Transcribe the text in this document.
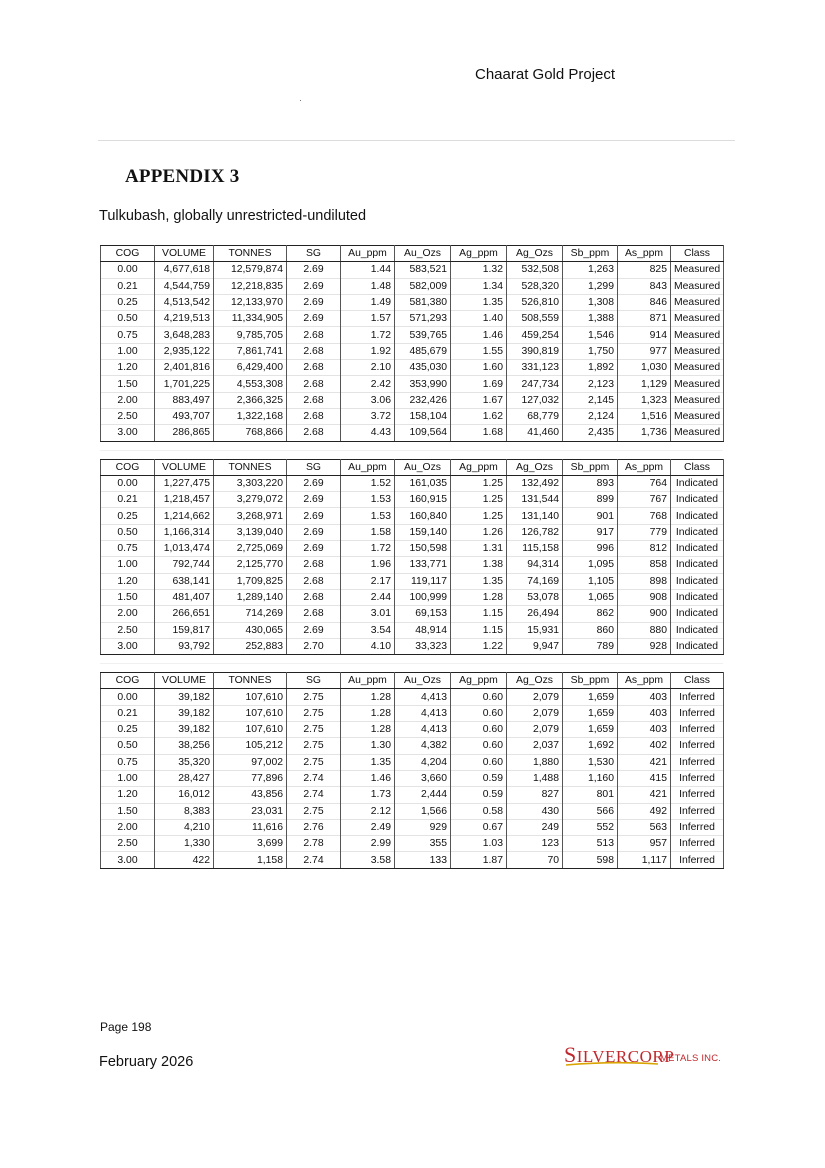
Chaarat Gold Project
APPENDIX 3
Tulkubash, globally unrestricted-undiluted
COG	VOLUME	TONNES	SG	Au_ppm	Au_Ozs	Ag_ppm	Ag_Ozs	Sb_ppm	As_ppm	Class
0.00	4,677,618	12,579,874	2.69	1.44	583,521	1.32	532,508	1,263	825	Measured
0.21	4,544,759	12,218,835	2.69	1.48	582,009	1.34	528,320	1,299	843	Measured
0.25	4,513,542	12,133,970	2.69	1.49	581,380	1.35	526,810	1,308	846	Measured
0.50	4,219,513	11,334,905	2.69	1.57	571,293	1.40	508,559	1,388	871	Measured
0.75	3,648,283	9,785,705	2.68	1.72	539,765	1.46	459,254	1,546	914	Measured
1.00	2,935,122	7,861,741	2.68	1.92	485,679	1.55	390,819	1,750	977	Measured
1.20	2,401,816	6,429,400	2.68	2.10	435,030	1.60	331,123	1,892	1,030	Measured
1.50	1,701,225	4,553,308	2.68	2.42	353,990	1.69	247,734	2,123	1,129	Measured
2.00	883,497	2,366,325	2.68	3.06	232,426	1.67	127,032	2,145	1,323	Measured
2.50	493,707	1,322,168	2.68	3.72	158,104	1.62	68,779	2,124	1,516	Measured
3.00	286,865	768,866	2.68	4.43	109,564	1.68	41,460	2,435	1,736	Measured
COG	VOLUME	TONNES	SG	Au_ppm	Au_Ozs	Ag_ppm	Ag_Ozs	Sb_ppm	As_ppm	Class
0.00	1,227,475	3,303,220	2.69	1.52	161,035	1.25	132,492	893	764	Indicated
0.21	1,218,457	3,279,072	2.69	1.53	160,915	1.25	131,544	899	767	Indicated
0.25	1,214,662	3,268,971	2.69	1.53	160,840	1.25	131,140	901	768	Indicated
0.50	1,166,314	3,139,040	2.69	1.58	159,140	1.26	126,782	917	779	Indicated
0.75	1,013,474	2,725,069	2.69	1.72	150,598	1.31	115,158	996	812	Indicated
1.00	792,744	2,125,770	2.68	1.96	133,771	1.38	94,314	1,095	858	Indicated
1.20	638,141	1,709,825	2.68	2.17	119,117	1.35	74,169	1,105	898	Indicated
1.50	481,407	1,289,140	2.68	2.44	100,999	1.28	53,078	1,065	908	Indicated
2.00	266,651	714,269	2.68	3.01	69,153	1.15	26,494	862	900	Indicated
2.50	159,817	430,065	2.69	3.54	48,914	1.15	15,931	860	880	Indicated
3.00	93,792	252,883	2.70	4.10	33,323	1.22	9,947	789	928	Indicated
COG	VOLUME	TONNES	SG	Au_ppm	Au_Ozs	Ag_ppm	Ag_Ozs	Sb_ppm	As_ppm	Class
0.00	39,182	107,610	2.75	1.28	4,413	0.60	2,079	1,659	403	Inferred
0.21	39,182	107,610	2.75	1.28	4,413	0.60	2,079	1,659	403	Inferred
0.25	39,182	107,610	2.75	1.28	4,413	0.60	2,079	1,659	403	Inferred
0.50	38,256	105,212	2.75	1.30	4,382	0.60	2,037	1,692	402	Inferred
0.75	35,320	97,002	2.75	1.35	4,204	0.60	1,880	1,530	421	Inferred
1.00	28,427	77,896	2.74	1.46	3,660	0.59	1,488	1,160	415	Inferred
1.20	16,012	43,856	2.74	1.73	2,444	0.59	827	801	421	Inferred
1.50	8,383	23,031	2.75	2.12	1,566	0.58	430	566	492	Inferred
2.00	4,210	11,616	2.76	2.49	929	0.67	249	552	563	Inferred
2.50	1,330	3,699	2.78	2.99	355	1.03	123	513	957	Inferred
3.00	422	1,158	2.74	3.58	133	1.87	70	598	1,117	Inferred
Page 198
February 2026	SILVERCORP
METALS INC.
